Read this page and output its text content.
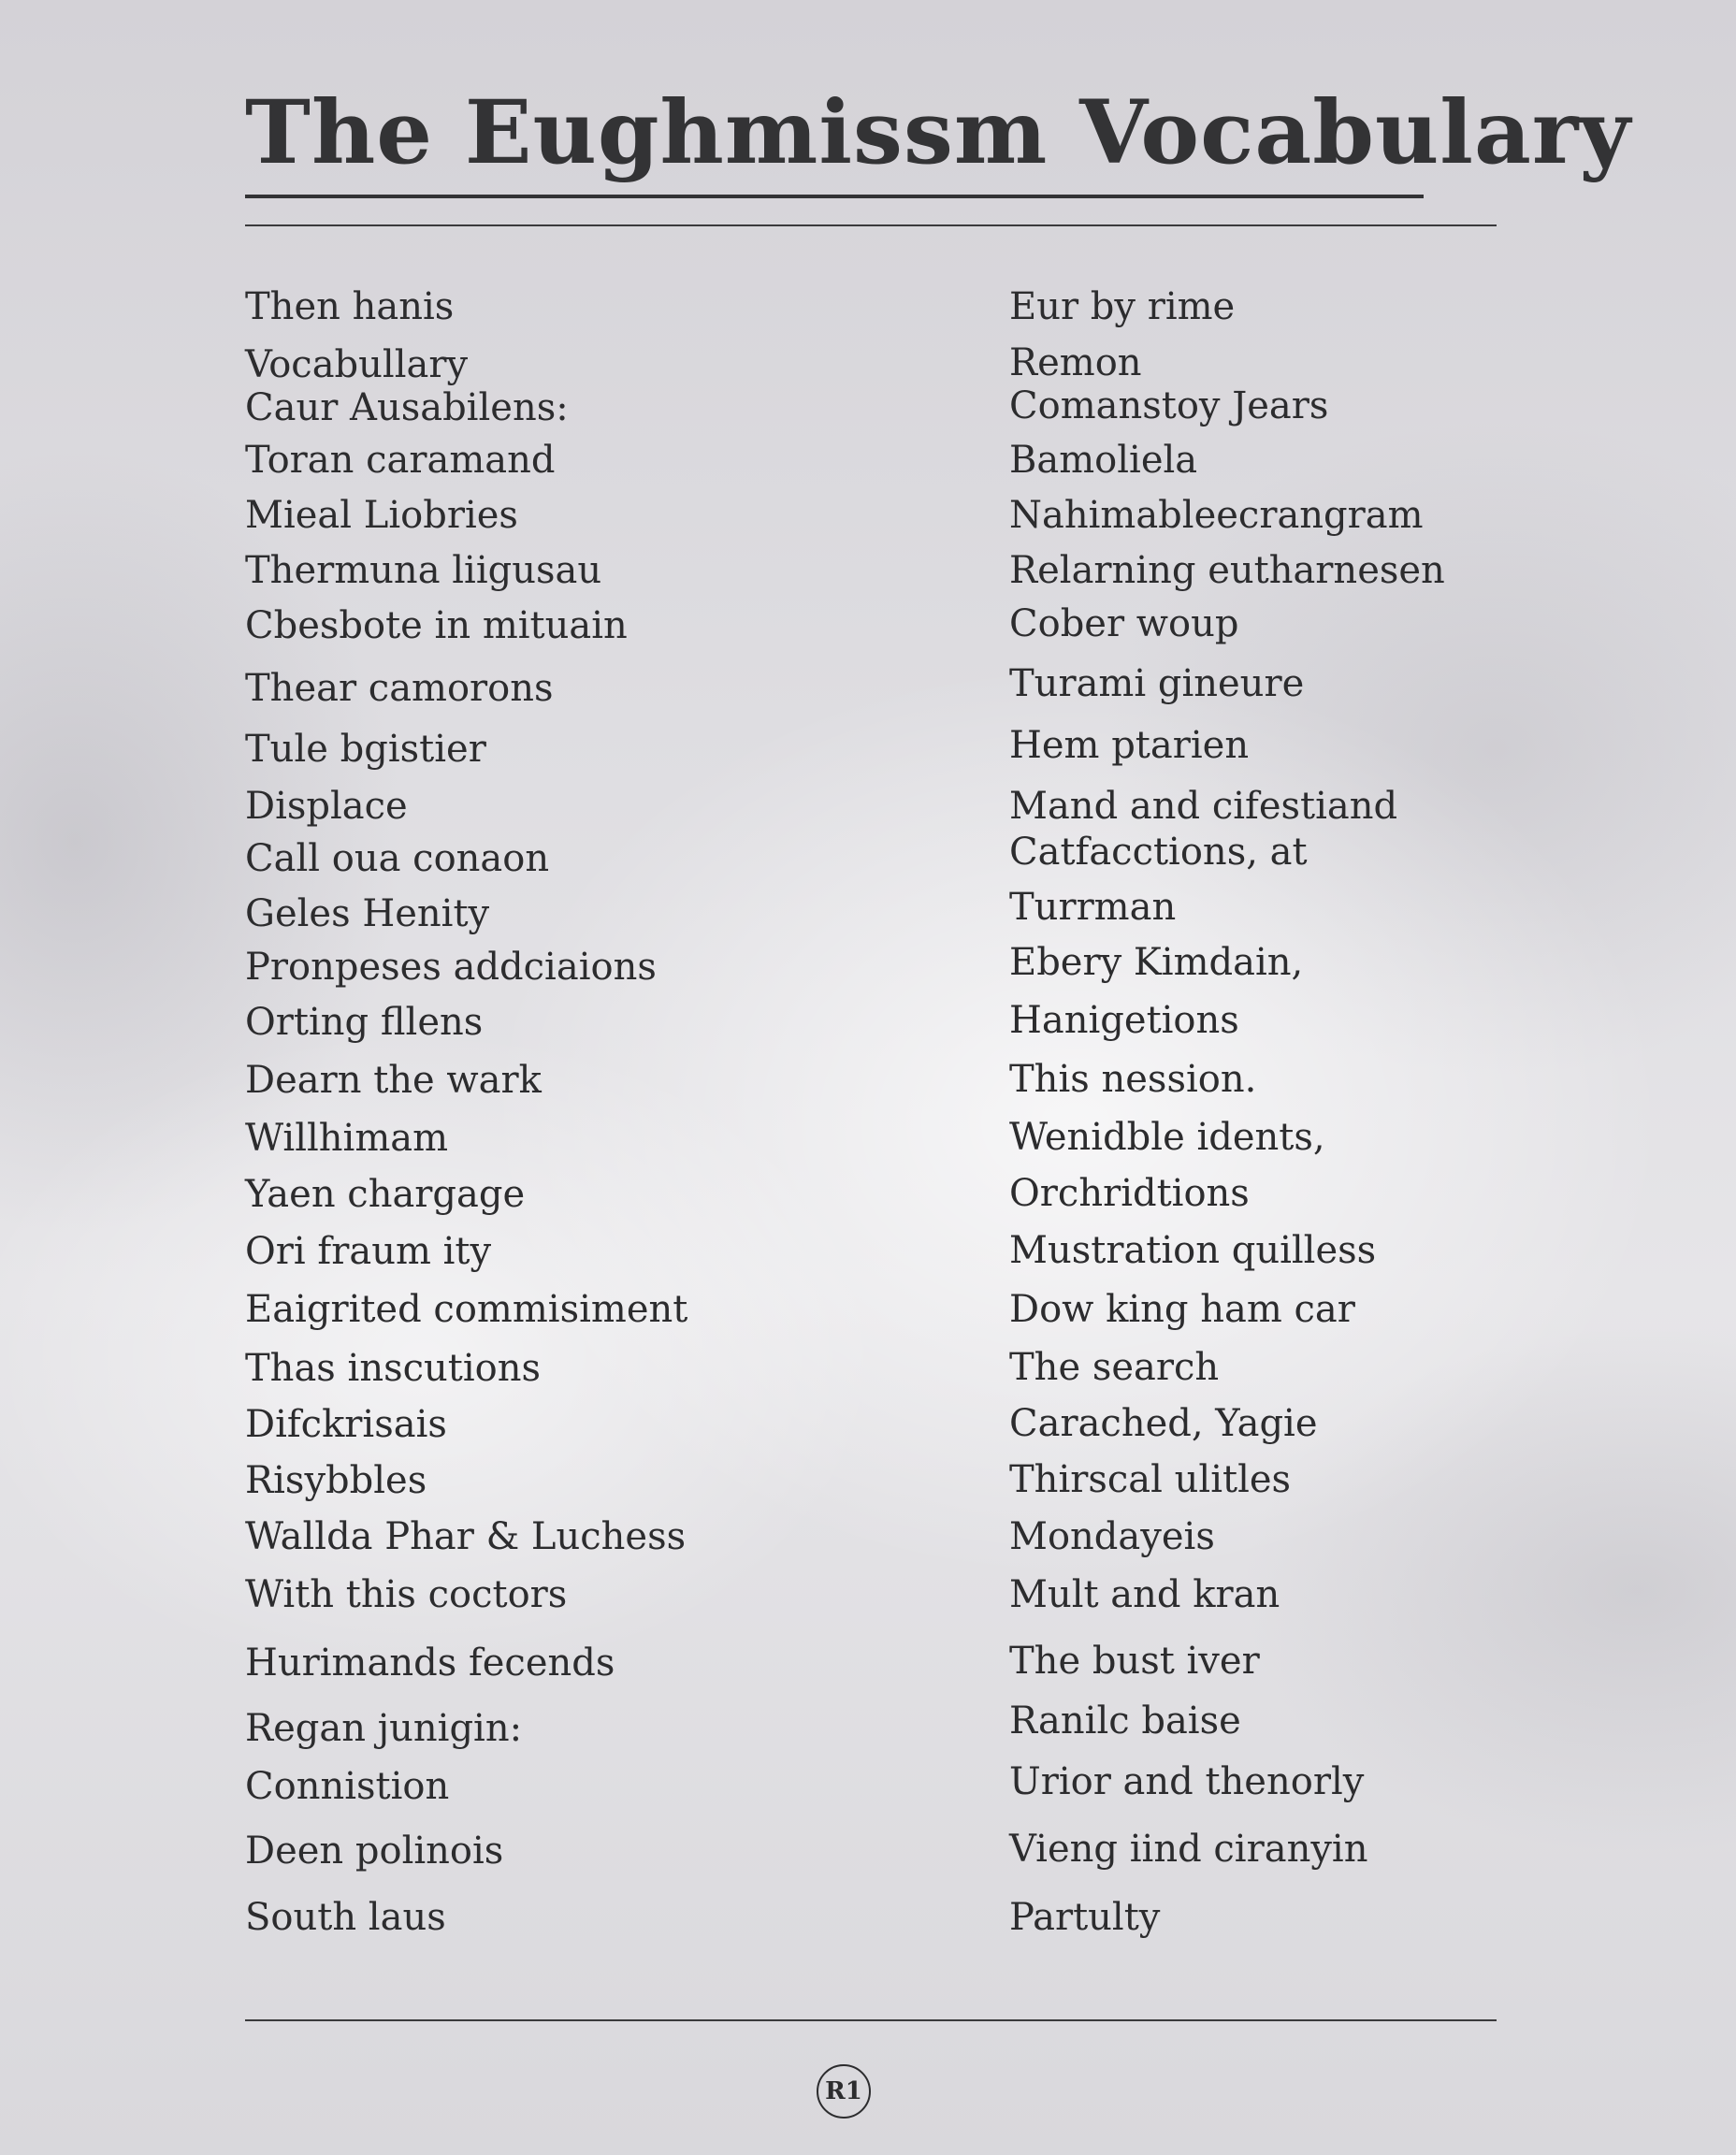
The Eughmissm Vocabulary
Then hanis
Vocabullary
Caur Ausabilens:
Toran caramand
Mieal Liobries
Thermuna liigusau
Cbesbote in mituain
Thear camorons
Tule bgistier
Displace
Call oua conaon
Geles Henity
Pronpeses addciaions
Orting fllens
Dearn the wark
Willhimam
Yaen chargage
Ori fraum ity
Eaigrited commisiment
Thas inscutions
Difckrisais
Risybbles
Wallda Phar & Luchess
With this coctors
Hurimands fecends
Regan junigin:
Connistion
Deen polinois
South laus
Eur by rime
Remon
Comanstoy Jears
Bamoliela
Nahimableecrangram
Relarning eutharnesen
Cober woup
Turami gineure
Hem ptarien
Mand and cifestiand
Catfacctions, at
Turrman
Ebery Kimdain,
Hanigetions
This nession.
Wenidble idents,
Orchridtions
Mustration quilless
Dow king ham car
The search
Carached, Yagie
Thirscal ulitles
Mondayeis
Mult and kran
The bust iver
Ranilc baise
Urior and thenorly
Vieng iind ciranyin
Partulty
R1
